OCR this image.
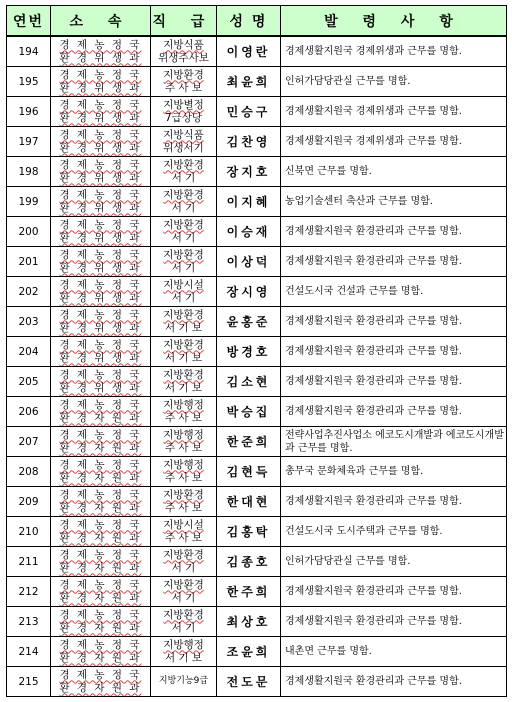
연번	소 속	직 급	성 명	발 령 사 항
194	경 제 농 정 국
환 경 위 생 과	지방식품
위생주사보	이영란	경제생활지원국 경제위생과 근무를 명함.
195	경 제 농 정 국
환 경 위 생 과	지방환경
주 사 보	최윤희	인허가담당관실 근무를 명함.
196	경 제 농 정 국
환 경 위 생 과	지방별정
7급상당	민승구	경제생활지원국 경제위생과 근무를 명함.
197	경 제 농 정 국
환 경 위 생 과	지방식품
위생서기	김찬영	경제생활지원국 경제위생과 근무를 명함.
198	경 제 농 정 국
환 경 위 생 과	지방환경
서 기	장지호	신북면 근무를 명함.
199	경 제 농 정 국
환 경 위 생 과	지방환경
서 기	이지혜	농업기술센터 축산과 근무를 명함.
200	경 제 농 정 국
환 경 위 생 과	지방환경
서 기	이승재	경제생활지원국 환경관리과 근무를 명함.
201	경 제 농 정 국
환 경 위 생 과	지방환경
서 기	이상덕	경제생활지원국 환경관리과 근무를 명함.
202	경 제 농 정 국
환 경 위 생 과	지방시설
서 기	장시영	건설도시국 건설과 근무를 명함.
203	경 제 농 정 국
환 경 위 생 과	지방환경
서 기 보	윤홍준	경제생활지원국 환경관리과 근무를 명함.
204	경 제 농 정 국
환 경 위 생 과	지방환경
서 기 보	방경호	경제생활지원국 환경관리과 근무를 명함.
205	경 제 농 정 국
환 경 위 생 과	지방환경
서 기 보	김소현	경제생활지원국 환경관리과 근무를 명함.
206	경 제 농 정 국
환 경 자 원 과	지방행정
주 사 보	박승집	경제생활지원국 환경관리과 근무를 명함.
207	경 제 농 정 국
환 경 자 원 과	지방행정
주 사 보	한준희	전략사업추진사업소 에코도시개발과 에코도시개발과 근무를 명함.
208	경 제 농 정 국
환 경 자 원 과	지방행정
주 사 보	김현득	총무국 문화체육과 근무를 명함.
209	경 제 농 정 국
환 경 자 원 과	지방환경
주 사 보	한대현	경제생활지원국 환경관리과 근무를 명함.
210	경 제 농 정 국
환 경 자 원 과	지방시설
주 사 보	김홍탁	건설도시국 도시주택과 근무를 명함.
211	경 제 농 정 국
환 경 자 원 과	지방환경
서 기	김종호	인허가담당관실 근무를 명함.
212	경 제 농 정 국
환 경 자 원 과	지방환경
서 기	한주희	경제생활지원국 환경관리과 근무를 명함.
213	경 제 농 정 국
환 경 자 원 과	지방환경
서 기	최상호	경제생활지원국 환경관리과 근무를 명함.
214	경 제 농 정 국
환 경 자 원 과	지방행정
서 기 보	조윤희	내촌면 근무를 명함.
215	경 제 농 정 국
환 경 자 원 과	지방기능9급	전도문	경제생활지원국 환경관리과 근무를 명함.
